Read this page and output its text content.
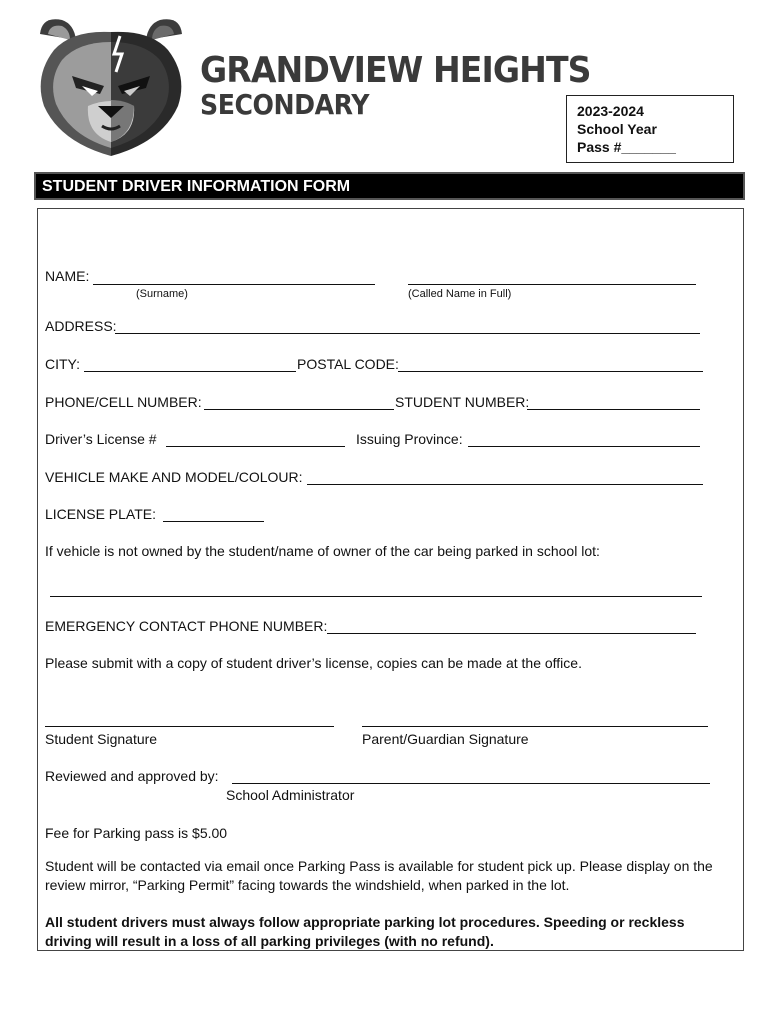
GRANDVIEW HEIGHTS
SECONDARY	2023-2024
School Year
Pass #_______
STUDENT DRIVER INFORMATION FORM
NAME:
(Surname)	(Called Name in Full)
ADDRESS:
CITY:	POSTAL CODE:
PHONE/CELL NUMBER:	STUDENT NUMBER:
Driver’s License #	Issuing Province:
VEHICLE MAKE AND MODEL/COLOUR:
LICENSE PLATE:
If vehicle is not owned by the student/name of owner of the car being parked in school lot:
EMERGENCY CONTACT PHONE NUMBER:
Please submit with a copy of student driver’s license, copies can be made at the office.
Student Signature	Parent/Guardian Signature
Reviewed and approved by:
School Administrator
Fee for Parking pass is $5.00
Student will be contacted via email once Parking Pass is available for student pick up. Please display on the review mirror, “Parking Permit” facing towards the windshield, when parked in the lot.
All student drivers must always follow appropriate parking lot procedures. Speeding or reckless driving will result in a loss of all parking privileges (with no refund).
